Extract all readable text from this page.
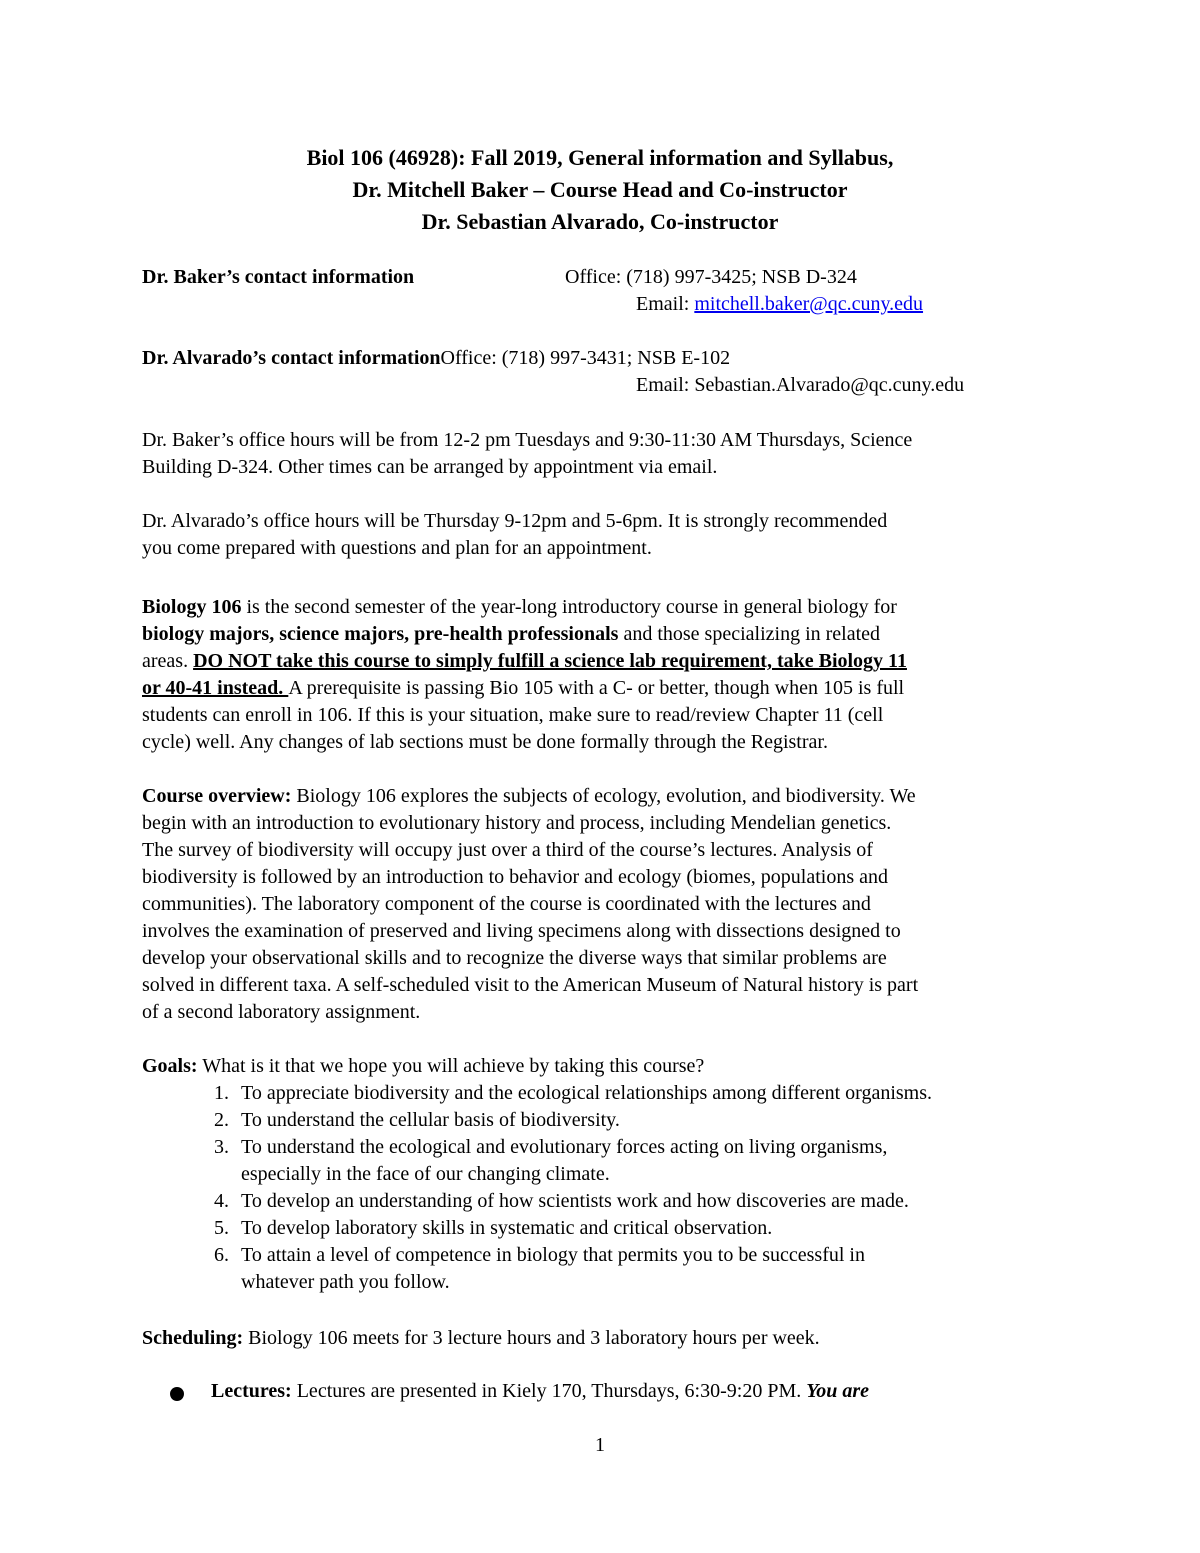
Biol 106 (46928): Fall 2019, General information and Syllabus,
Dr. Mitchell Baker – Course Head and Co-instructor
Dr. Sebastian Alvarado, Co-instructor
Dr. Baker’s contact information	Office: (718) 997-3425; NSB D-324
Email: mitchell.baker@qc.cuny.edu
Dr. Alvarado’s contact informationOffice: (718) 997-3431; NSB E-102
Email: Sebastian.Alvarado@qc.cuny.edu
Dr. Baker’s office hours will be from 12-2 pm Tuesdays and 9:30-11:30 AM Thursdays, Science
Building D-324. Other times can be arranged by appointment via email.
Dr. Alvarado’s office hours will be Thursday 9-12pm and 5-6pm. It is strongly recommended
you come prepared with questions and plan for an appointment.
Biology 106 is the second semester of the year-long introductory course in general biology for
biology majors, science majors, pre-health professionals and those specializing in related
areas. DO NOT take this course to simply fulfill a science lab requirement, take Biology 11
or 40-41 instead. A prerequisite is passing Bio 105 with a C- or better, though when 105 is full
students can enroll in 106. If this is your situation, make sure to read/review Chapter 11 (cell
cycle) well. Any changes of lab sections must be done formally through the Registrar.
Course overview: Biology 106 explores the subjects of ecology, evolution, and biodiversity. We
begin with an introduction to evolutionary history and process, including Mendelian genetics.
The survey of biodiversity will occupy just over a third of the course’s lectures. Analysis of
biodiversity is followed by an introduction to behavior and ecology (biomes, populations and
communities). The laboratory component of the course is coordinated with the lectures and
involves the examination of preserved and living specimens along with dissections designed to
develop your observational skills and to recognize the diverse ways that similar problems are
solved in different taxa. A self-scheduled visit to the American Museum of Natural history is part
of a second laboratory assignment.
Goals: What is it that we hope you will achieve by taking this course?
1. To appreciate biodiversity and the ecological relationships among different organisms.
2. To understand the cellular basis of biodiversity.
3. To understand the ecological and evolutionary forces acting on living organisms,
especially in the face of our changing climate.
4. To develop an understanding of how scientists work and how discoveries are made.
5. To develop laboratory skills in systematic and critical observation.
6. To attain a level of competence in biology that permits you to be successful in
whatever path you follow.
Scheduling: Biology 106 meets for 3 lecture hours and 3 laboratory hours per week.
Lectures: Lectures are presented in Kiely 170, Thursdays, 6:30-9:20 PM. You are
1
